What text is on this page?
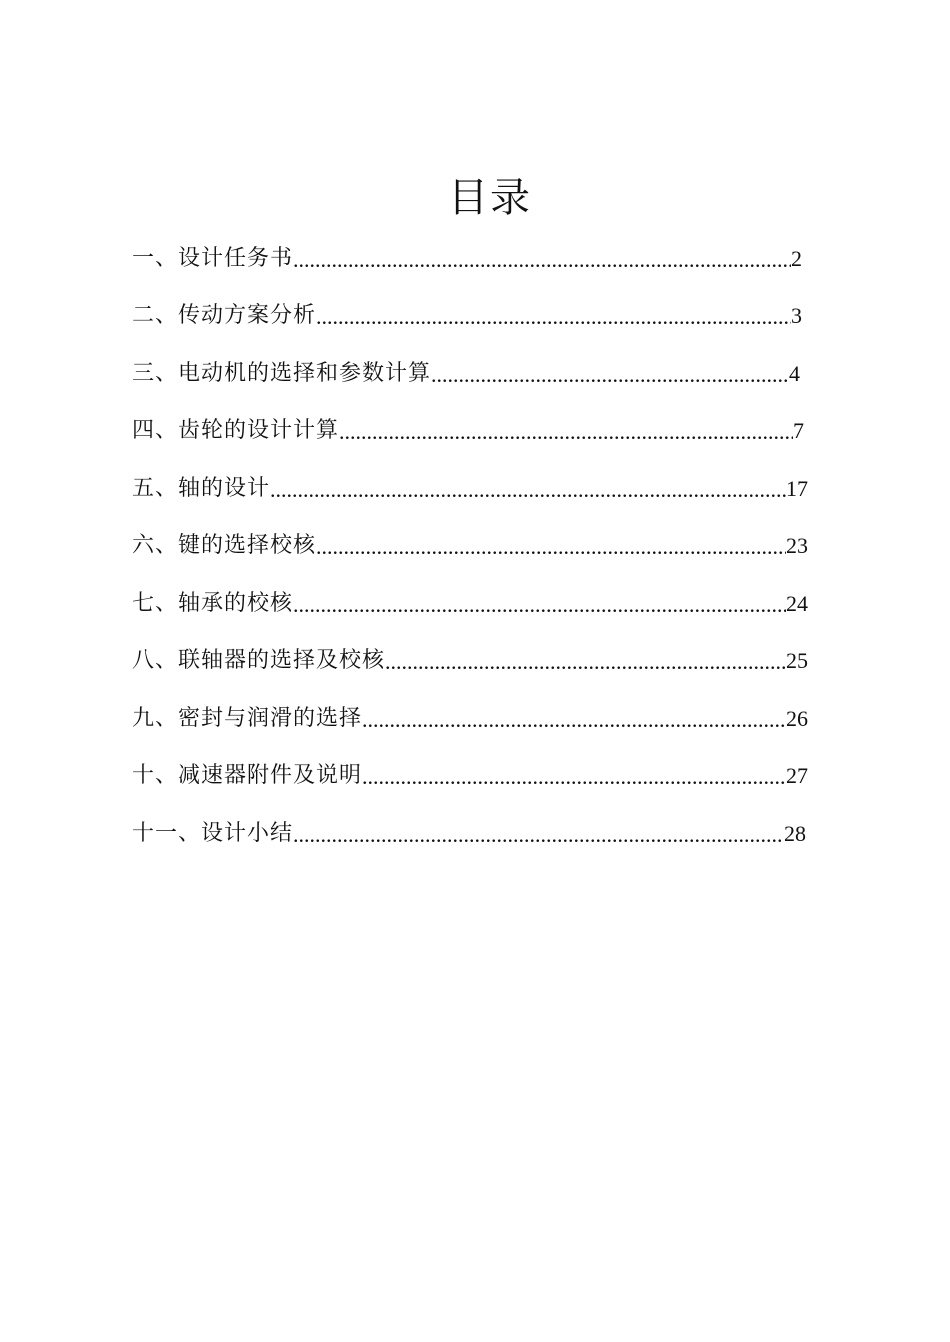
目录
一、设计任务书 .....	2
二、传动方案分析 .....	3
三、电动机的选择和参数计算 .....	4
四、齿轮的设计计算 .....	7
五、轴的设计 .....	17
六、键的选择校核 .....	23
七、轴承的校核 .....	24
八、联轴器的选择及校核 .....	25
九、密封与润滑的选择 .....	26
十、减速器附件及说明 .....	27
十一、设计小结 .....	28
